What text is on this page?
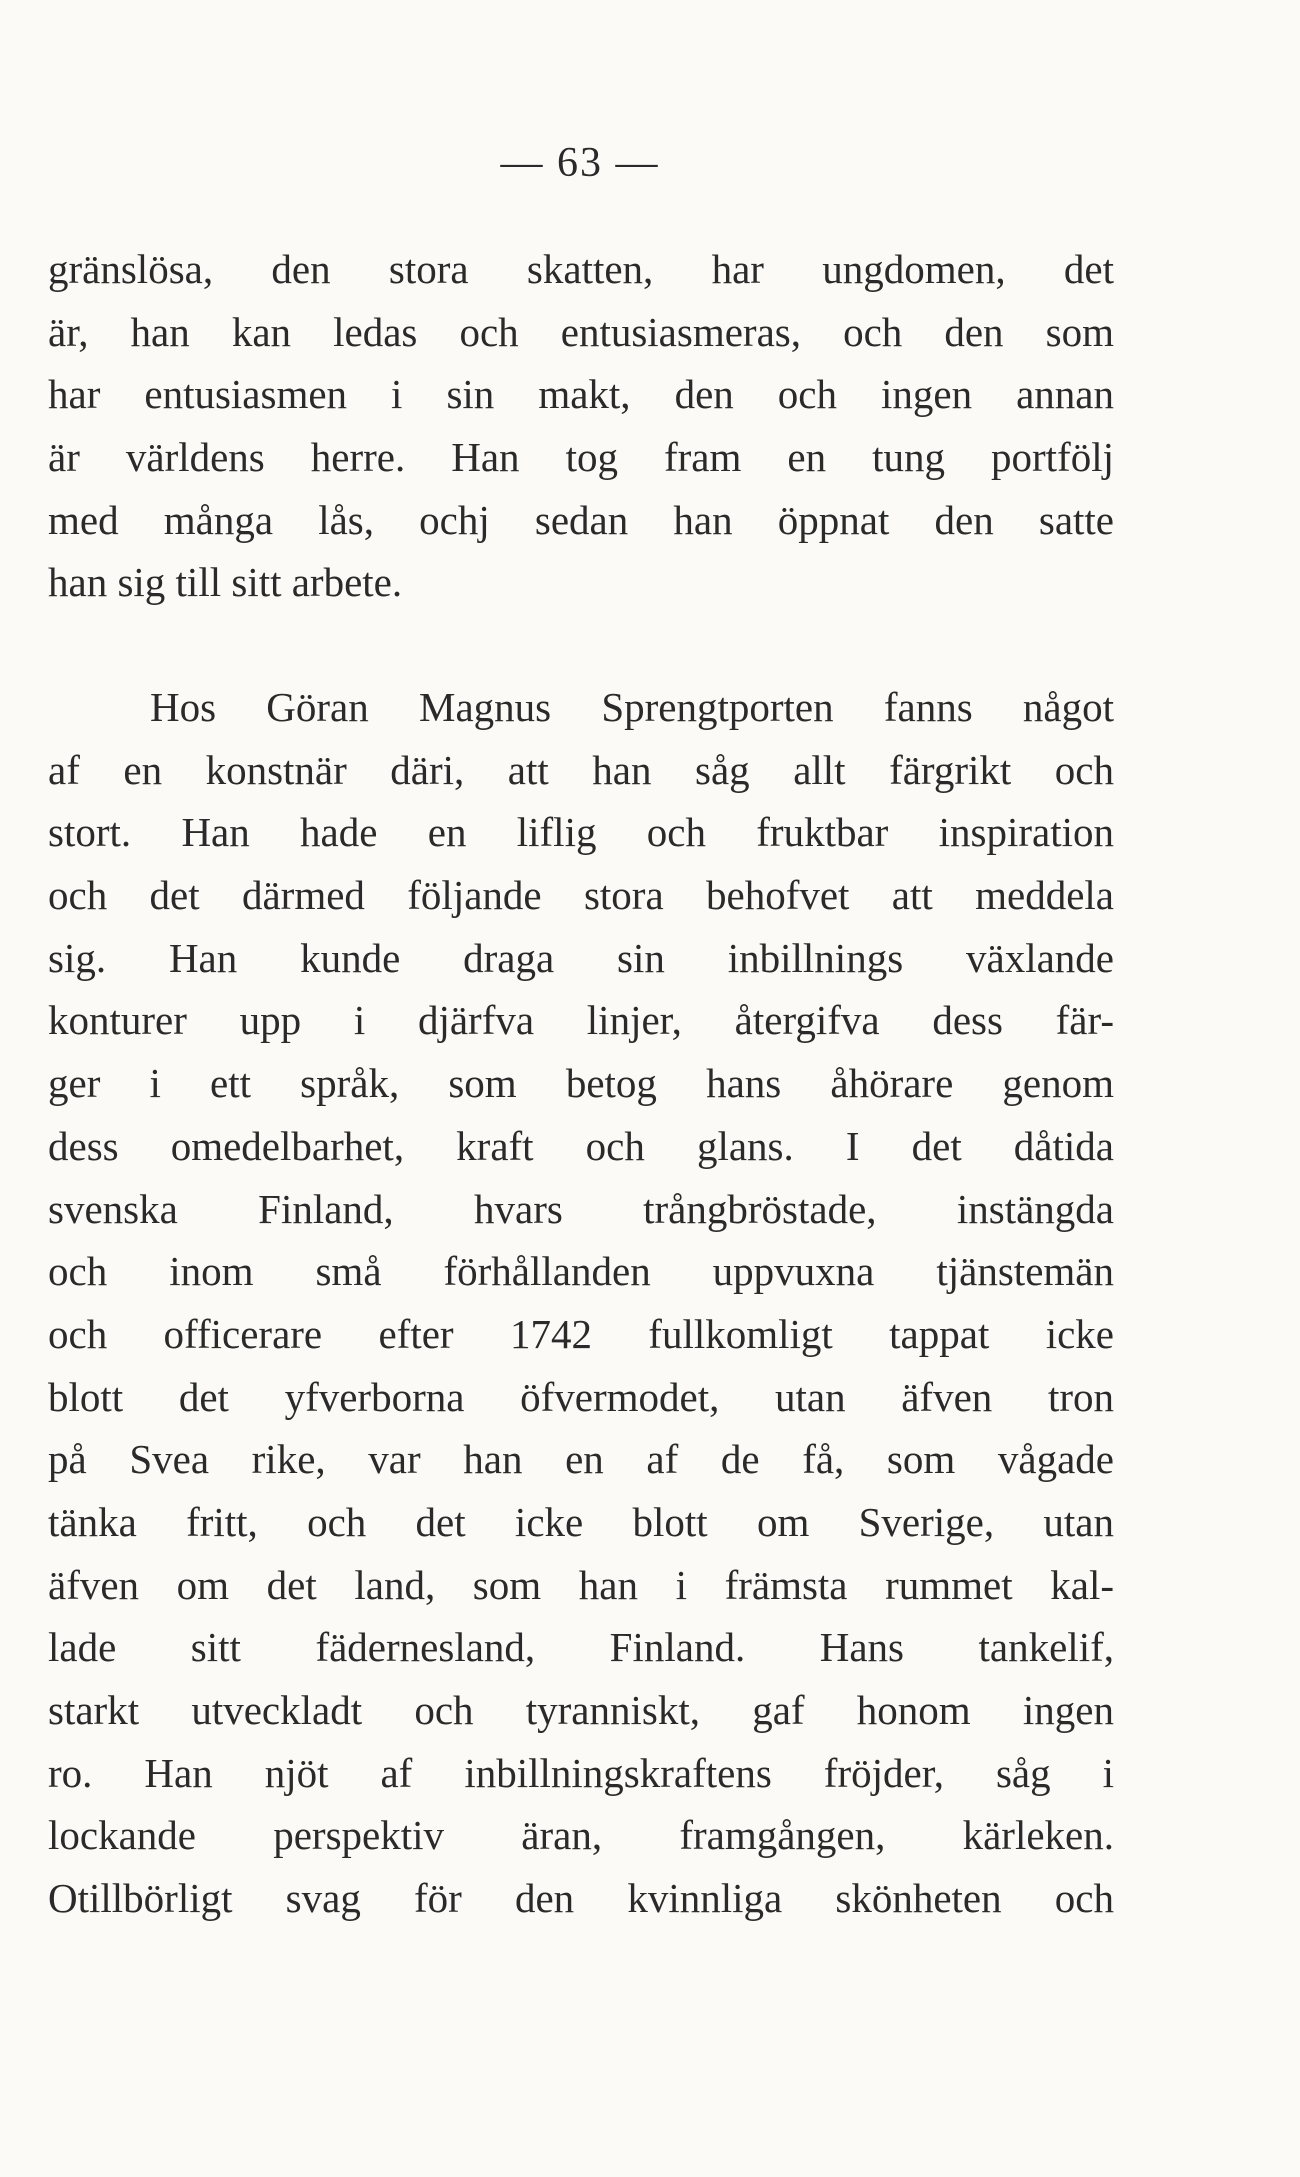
— 63 —
gränslösa, den stora skatten, har ungdomen, det
är, han kan ledas och entusiasmeras, och den som
har entusiasmen i sin makt, den och ingen annan
är världens herre. Han tog fram en tung portfölj
med många lås, ochj sedan han öppnat den satte
han sig till sitt arbete.
Hos Göran Magnus Sprengtporten fanns något
af en konstnär däri, att han såg allt färgrikt och
stort. Han hade en liflig och fruktbar inspiration
och det därmed följande stora behofvet att meddela
sig. Han kunde draga sin inbillnings växlande
konturer upp i djärfva linjer, återgifva dess fär-
ger i ett språk, som betog hans åhörare genom
dess omedelbarhet, kraft och glans. I det dåtida
svenska Finland, hvars trångbröstade, instängda
och inom små förhållanden uppvuxna tjänstemän
och officerare efter 1742 fullkomligt tappat icke
blott det yfverborna öfvermodet, utan äfven tron
på Svea rike, var han en af de få, som vågade
tänka fritt, och det icke blott om Sverige, utan
äfven om det land, som han i främsta rummet kal-
lade sitt fädernesland, Finland. Hans tankelif,
starkt utveckladt och tyranniskt, gaf honom ingen
ro. Han njöt af inbillningskraftens fröjder, såg i
lockande perspektiv äran, framgången, kärleken.
Otillbörligt svag för den kvinnliga skönheten och
